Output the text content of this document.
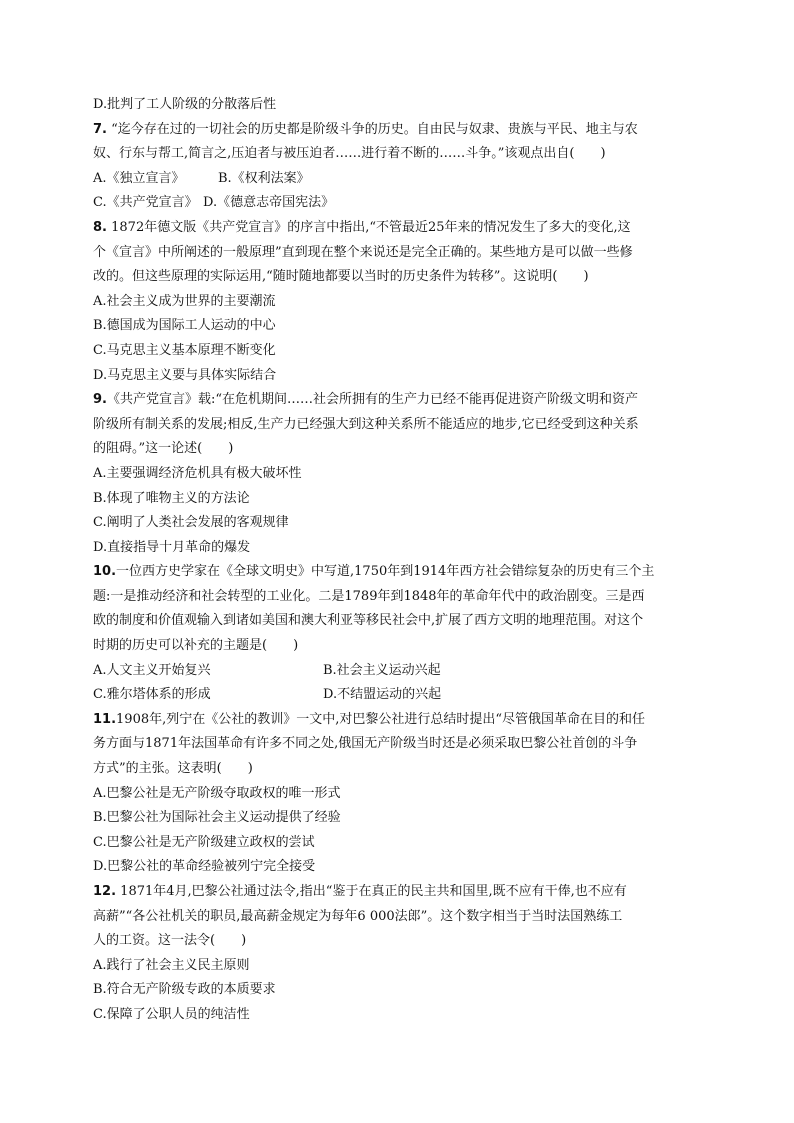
D.批判了工人阶级的分散落后性
7. “迄今存在过的一切社会的历史都是阶级斗争的历史。自由民与奴隶、贵族与平民、地主与农
奴、行东与帮工,简言之,压迫者与被压迫者……进行着不断的……斗争。”该观点出自(　　)
A.《独立宣言》	B.《权利法案》
C.《共产党宣言》 D.《德意志帝国宪法》
8. 1872年德文版《共产党宣言》的序言中指出,“不管最近25年来的情况发生了多大的变化,这
个《宣言》中所阐述的一般原理”直到现在整个来说还是完全正确的。某些地方是可以做一些修
改的。但这些原理的实际运用,“随时随地都要以当时的历史条件为转移”。这说明(　　)
A.社会主义成为世界的主要潮流
B.德国成为国际工人运动的中心
C.马克思主义基本原理不断变化
D.马克思主义要与具体实际结合
9.《共产党宣言》载:“在危机期间……社会所拥有的生产力已经不能再促进资产阶级文明和资产
阶级所有制关系的发展;相反,生产力已经强大到这种关系所不能适应的地步,它已经受到这种关系
的阻碍。”这一论述(　　)
A.主要强调经济危机具有极大破坏性
B.体现了唯物主义的方法论
C.阐明了人类社会发展的客观规律
D.直接指导十月革命的爆发
10.一位西方史学家在《全球文明史》中写道,1750年到1914年西方社会错综复杂的历史有三个主
题:一是推动经济和社会转型的工业化。二是1789年到1848年的革命年代中的政治剧变。三是西
欧的制度和价值观输入到诸如美国和澳大利亚等移民社会中,扩展了西方文明的地理范围。对这个
时期的历史可以补充的主题是(　　)
A.人文主义开始复兴	B.社会主义运动兴起
C.雅尔塔体系的形成	D.不结盟运动的兴起
11.1908年,列宁在《公社的教训》一文中,对巴黎公社进行总结时提出“尽管俄国革命在目的和任
务方面与1871年法国革命有许多不同之处,俄国无产阶级当时还是必须采取巴黎公社首创的斗争
方式”的主张。这表明(　　)
A.巴黎公社是无产阶级夺取政权的唯一形式
B.巴黎公社为国际社会主义运动提供了经验
C.巴黎公社是无产阶级建立政权的尝试
D.巴黎公社的革命经验被列宁完全接受
12. 1871年4月,巴黎公社通过法令,指出“鉴于在真正的民主共和国里,既不应有干俸,也不应有
高薪”“各公社机关的职员,最高薪金规定为每年6 000法郎”。这个数字相当于当时法国熟练工
人的工资。这一法令(　　)
A.践行了社会主义民主原则
B.符合无产阶级专政的本质要求
C.保障了公职人员的纯洁性
